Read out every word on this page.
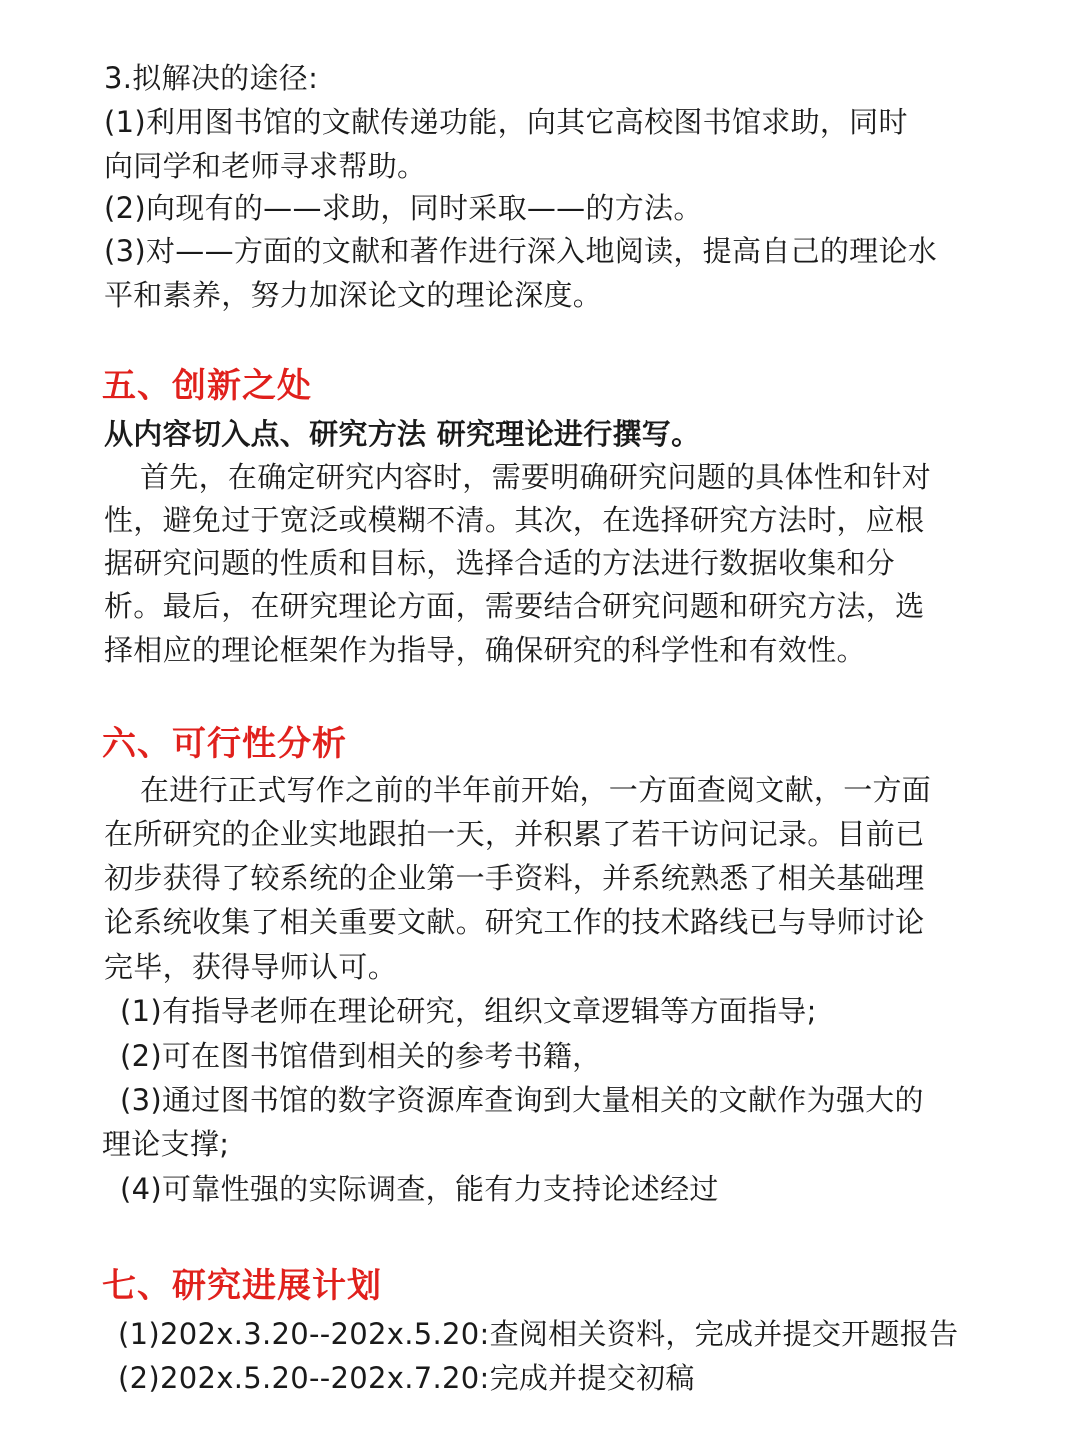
3.拟解决的途径:
(1)利用图书馆的文献传递功能，向其它高校图书馆求助，同时
向同学和老师寻求帮助。
(2)向现有的——求助，同时采取——的方法。
(3)对——方面的文献和著作进行深入地阅读，提高自己的理论水
平和素养，努力加深论文的理论深度。
五、创新之处
从内容切入点、研究方法 研究理论进行撰写。
首先，在确定研究内容时，需要明确研究问题的具体性和针对
性，避免过于宽泛或模糊不清。其次，在选择研究方法时，应根
据研究问题的性质和目标，选择合适的方法进行数据收集和分
析。最后，在研究理论方面，需要结合研究问题和研究方法，选
择相应的理论框架作为指导，确保研究的科学性和有效性。
六、可行性分析
在进行正式写作之前的半年前开始，一方面查阅文献，一方面
在所研究的企业实地跟拍一天，并积累了若干访问记录。目前已
初步获得了较系统的企业第一手资料，并系统熟悉了相关基础理
论系统收集了相关重要文献。研究工作的技术路线已与导师讨论
完毕，获得导师认可。
(1)有指导老师在理论研究，组织文章逻辑等方面指导;
(2)可在图书馆借到相关的参考书籍，
(3)通过图书馆的数字资源库查询到大量相关的文献作为强大的
理论支撑;
(4)可靠性强的实际调查，能有力支持论述经过
七、研究进展计划
(1)202x.3.20--202x.5.20:查阅相关资料，完成并提交开题报告
(2)202x.5.20--202x.7.20:完成并提交初稿
